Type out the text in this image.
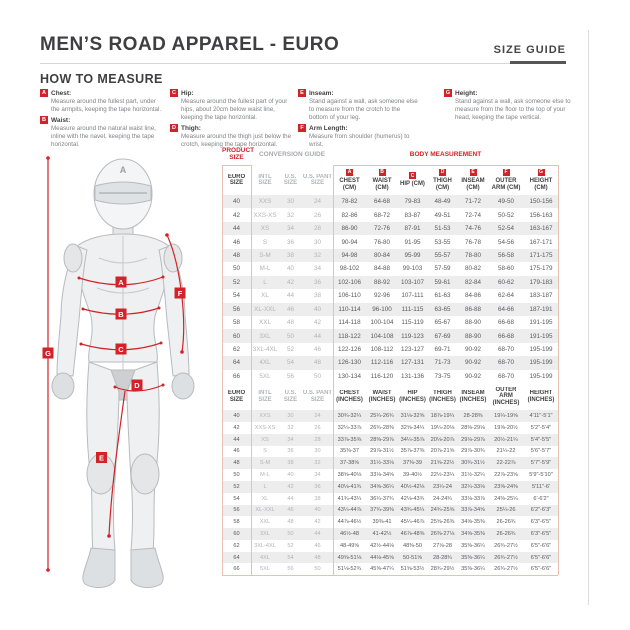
MEN’S ROAD APPAREL - EURO	SIZE GUIDE
HOW TO MEASURE
A Chest:
Measure around the fullest part, under the armpits, keeping the tape horizontal.
B Waist:
Measure around the natural waist line, inline with the navel, keeping the tape horizontal.
C Hip:
Measure around the fullest part of your hips, about 20cm below waist line, keeping the tape horizontal.
D Thigh:
Measure around the thigh just below the crotch, keeping the tape horizontal.
E Inseam:
Stand against a wall, ask someone else to measure from the crotch to the bottom of your leg.
F Arm Length:
Measure from shoulder (humerus) to wrist.
G Height:
Stand against a wall, ask someone else to measure from the floor to the top of your head, keeping the tape vertical.
A
A
B
C
D
E
F
G
PRODUCT SIZE	CONVERSION GUIDE	BODY MEASUREMENT
EURO SIZE
INTL SIZE
U.S. SIZE
U.S. PANT SIZE
A
CHEST (CM)
B
WAIST (CM)
C
HIP (CM)
D
THIGH (CM)
E
INSEAM (CM)
F
OUTER ARM (CM)
G
HEIGHT (CM)
40	XXS 30	24	78-82	64-68 79-83 48-49 71-72	49-50 150-156
42 XXS-XS 32	26	82-86	68-72 83-87 49-51 72-74	50-52 156-163
44	XS	34	28	86-90	72-76 87-91 51-53 74-76	52-54 163-167
46	S	36	30	90-94	76-80 91-95 53-55 76-78	54-56 167-171
48	S-M	38	32	94-98	80-84 95-99 55-57 78-80	56-58 171-175
50	M-L	40	34	98-102 84-88 99-103 57-59 80-82	58-60 175-179
52	L	42	36	102-106 88-92 103-107 59-61 82-84	60-62 179-183
54	XL	44	38	106-110 92-96 107-111 61-63 84-86	62-64 183-187
56 XL-XXL 46	40	110-114 96-100 111-115 63-65 86-88	64-66 187-191
58	XXL	48	42	114-118 100-104 115-119 65-67 88-90	66-68 191-195
60	3XL	50	44	118-122 104-108 119-123 67-69 88-90	66-68 191-195
62 3XL-4XL 52	46	122-126 108-112 123-127 69-71 90-92	68-70 195-199
64	4XL	54	48	126-130 112-116 127-131 71-73 90-92	68-70 195-199
66	5XL	56	50	130-134 116-120 131-136 73-75 90-92	68-70 195-199
EURO SIZE
INTL SIZE
U.S. SIZE
U.S. PANT SIZE
CHEST (INCHES)
WAIST (INCHES)
HIP (INCHES)
THIGH (INCHES)
INSEAM (INCHES)
OUTER ARM (INCHES)
HEIGHT (INCHES)
40	XXS	30	24	30¾-32¼ 25¼-26¾ 31⅛-32⅝ 18⅞-19¼ 28-28⅜ 19¼-19⅝ 4'11"-5'1"
42	XXS-XS 32	26	32¼-33⅞ 26¾-28⅜ 32⅝-34¼ 19¼-20⅛ 28⅜-29⅛ 19⅝-20½ 5'2"-5'4"
44	XS	34	28	33⅞-35⅜ 28⅜-29⅞ 34¼-35⅞ 20⅛-20⅞ 29⅛-29⅞ 20½-21¼ 5'4"-5'5"
46	S	36	30	35⅜-37 29⅞-31½ 35⅞-37⅜ 20⅞-21⅝ 29⅞-30¾ 21¼-22	5'6"-5'7"
48	S-M	38	32	37-38⅝ 31½-33⅛ 37⅜-39 21⅝-22½ 30¾-31½ 22-22⅞	5'7"-5'9"
50	M-L	40	34	38⅝-40⅛ 33⅛-34⅝ 39-40½ 22½-23¼ 31½-32¼ 22⅞-23⅝ 5'9"-5'10"
52	L	42	36	40⅛-41¾ 34⅝-36¼ 40½-42⅛ 23¼-24 32¼-33⅛ 23⅝-24⅜	5'11"-6'
54	XL	44	38	41¾-43¼ 36¼-37¾ 42⅛-43¾ 24-24¾ 33⅛-33⅞ 24⅜-25¼	6'-6'2"
56	XL-XXL 46	40	43¼-44⅞ 37¾-39⅜ 43¾-45¼ 24¾-25⅝ 33⅞-34⅝ 25¼-26	6'2"-6'3"
58	XXL	48	42	44⅞-46½ 39⅜-41 45¼-46⅞ 25⅝-26⅜ 34⅝-35⅜ 26-26¾	6'3"-6'5"
60	3XL	50	44	46½-48 41-42½ 46⅞-48⅜ 26⅜-27⅛ 34⅝-35⅜ 26-26¾	6'3"-6'5"
62	3XL-4XL 52	46	48-49⅝ 42½-44⅛ 48⅜-50 27⅛-28 35⅜-36¼ 26¾-27½ 6'5"-6'6"
64	4XL	54	48	49⅝-51⅛ 44⅛-45⅝ 50-51⅝ 28-28¾ 35⅜-36¼ 26¾-27½ 6'5"-6'6"
66	5XL	56	50	51⅛-52¾ 45⅝-47¼ 51⅝-53½ 28¾-29½ 35⅜-36¼ 26¾-27½ 6'5"-6'6"
